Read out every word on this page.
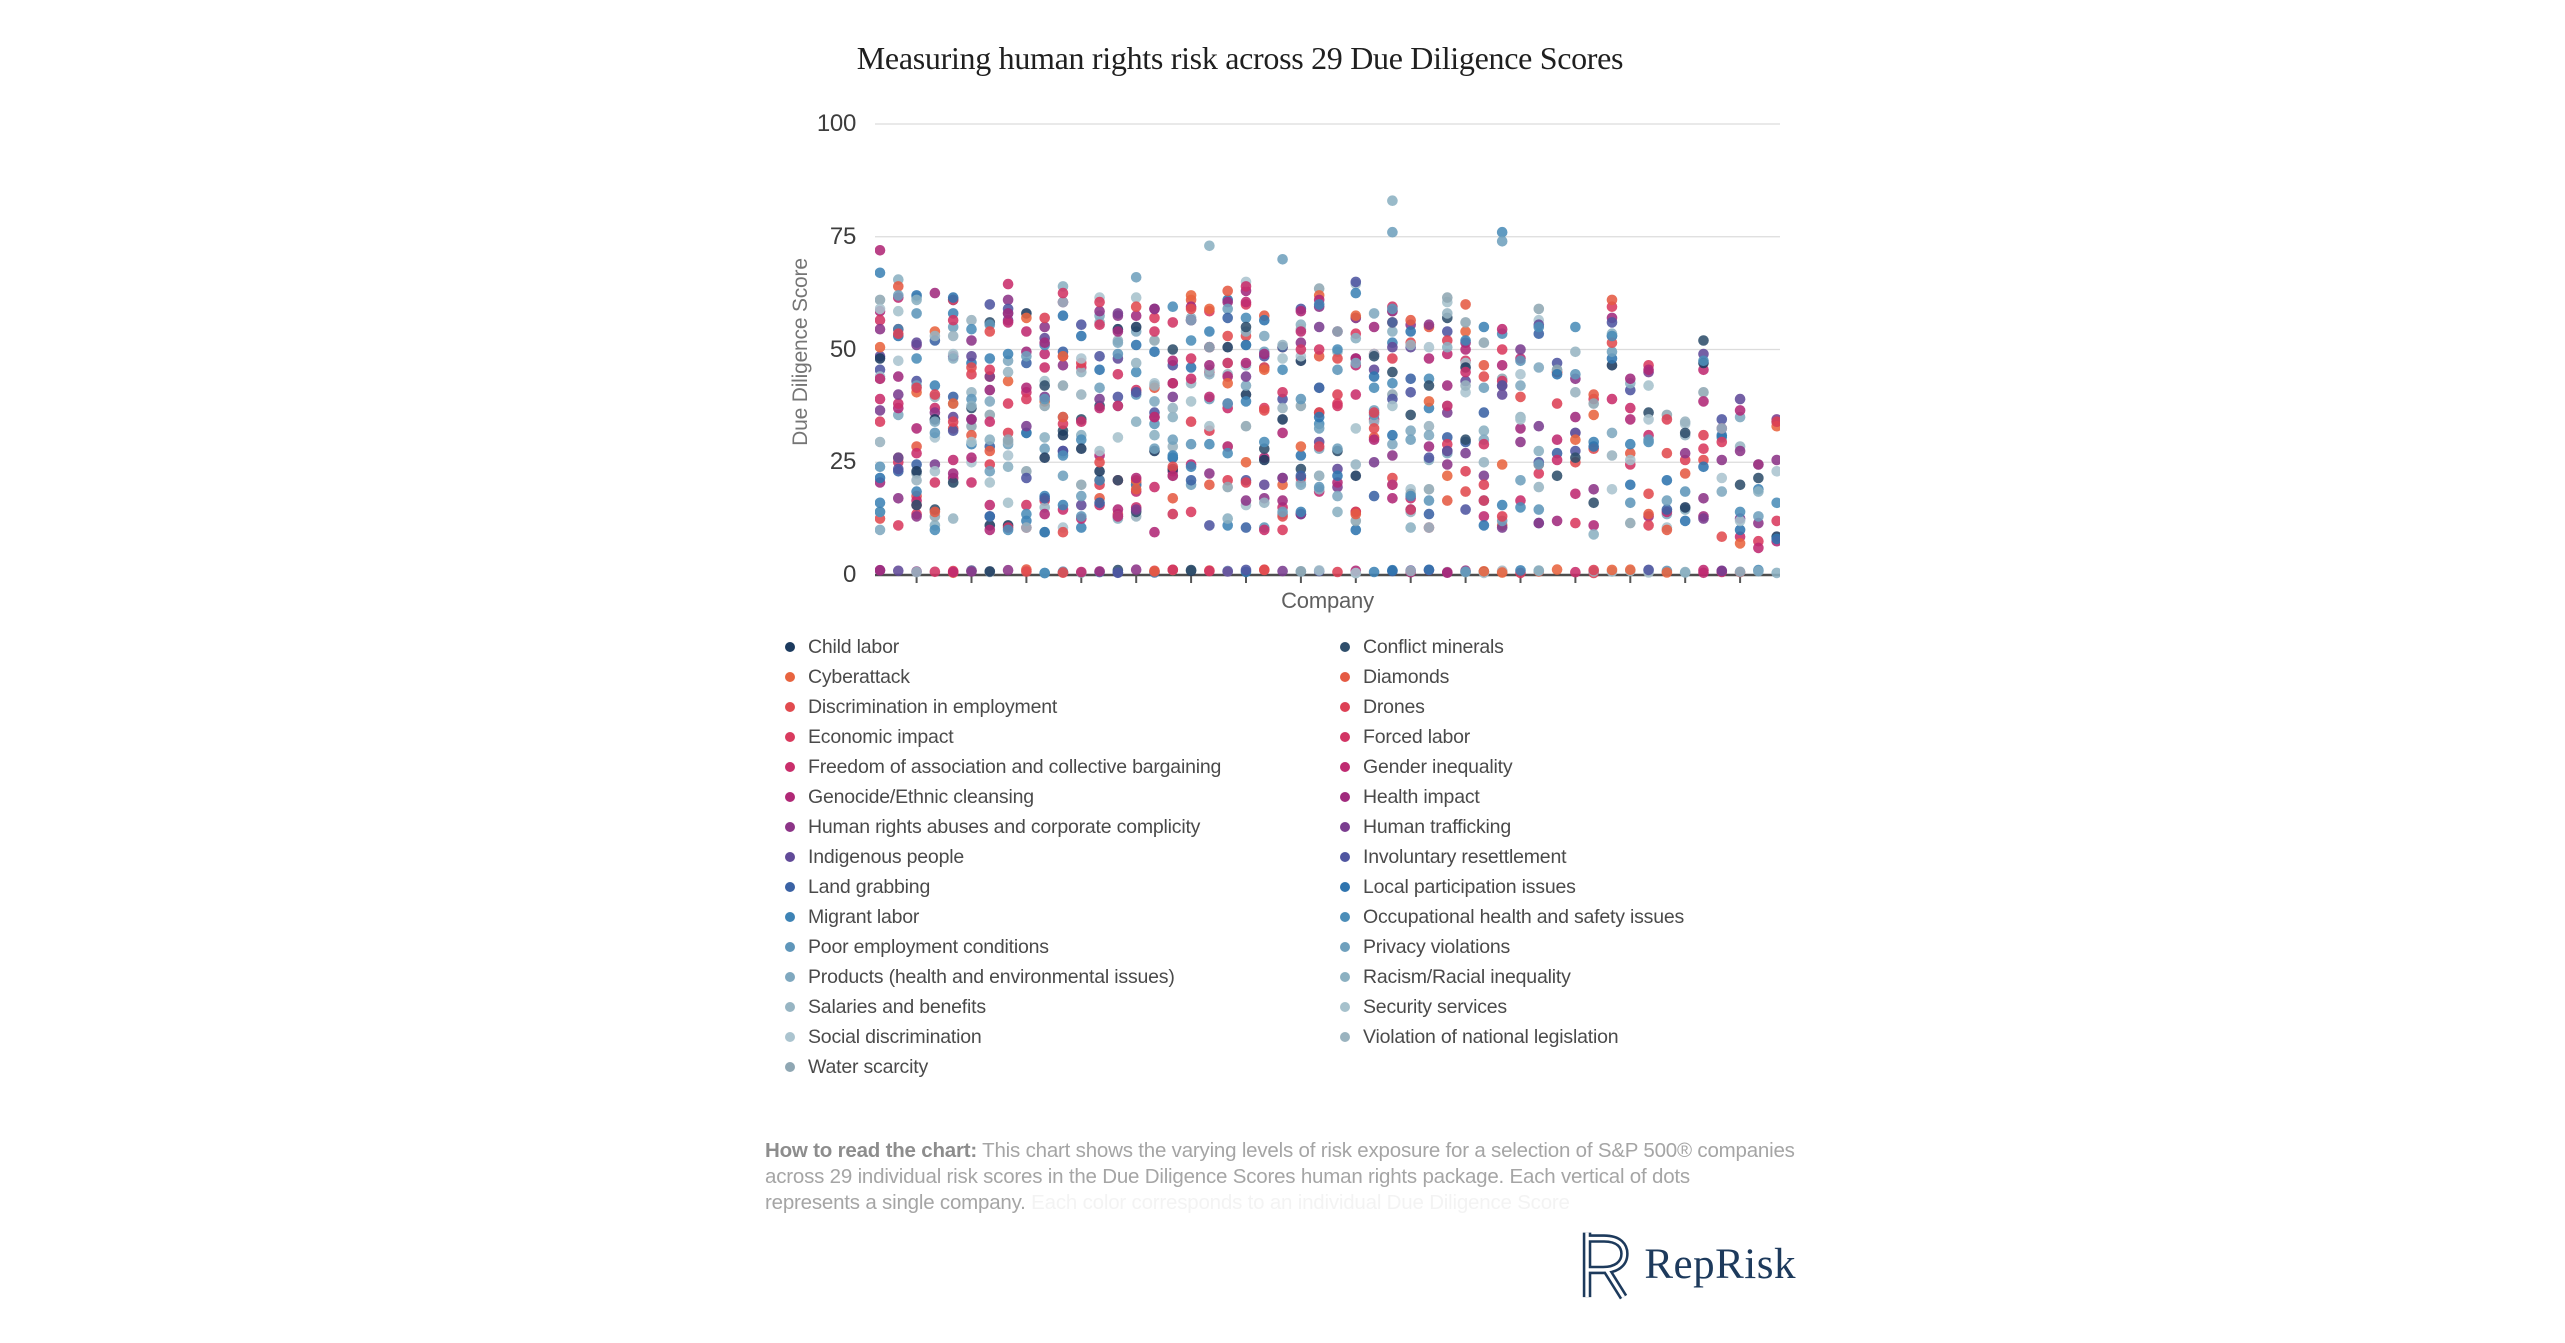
Measuring human rights risk across 29 Due Diligence Scores
Due Diligence Score
0
25
50
75
100
Company
Child labor
Cyberattack
Discrimination in employment
Economic impact
Freedom of association and collective bargaining
Genocide/Ethnic cleansing
Human rights abuses and corporate complicity
Indigenous people
Land grabbing
Migrant labor
Poor employment conditions
Products (health and environmental issues)
Salaries and benefits
Social discrimination
Water scarcity
Conflict minerals
Diamonds
Drones
Forced labor
Gender inequality
Health impact
Human trafficking
Involuntary resettlement
Local participation issues
Occupational health and safety issues
Privacy violations
Racism/Racial inequality
Security services
Violation of national legislation
How to read the chart: This chart shows the varying levels of risk exposure for a selection of S&P 500® companies
across 29 individual risk scores in the Due Diligence Scores human rights package. Each vertical of dots
represents a single company. Each color corresponds to an individual Due Diligence Score
RepRisk
